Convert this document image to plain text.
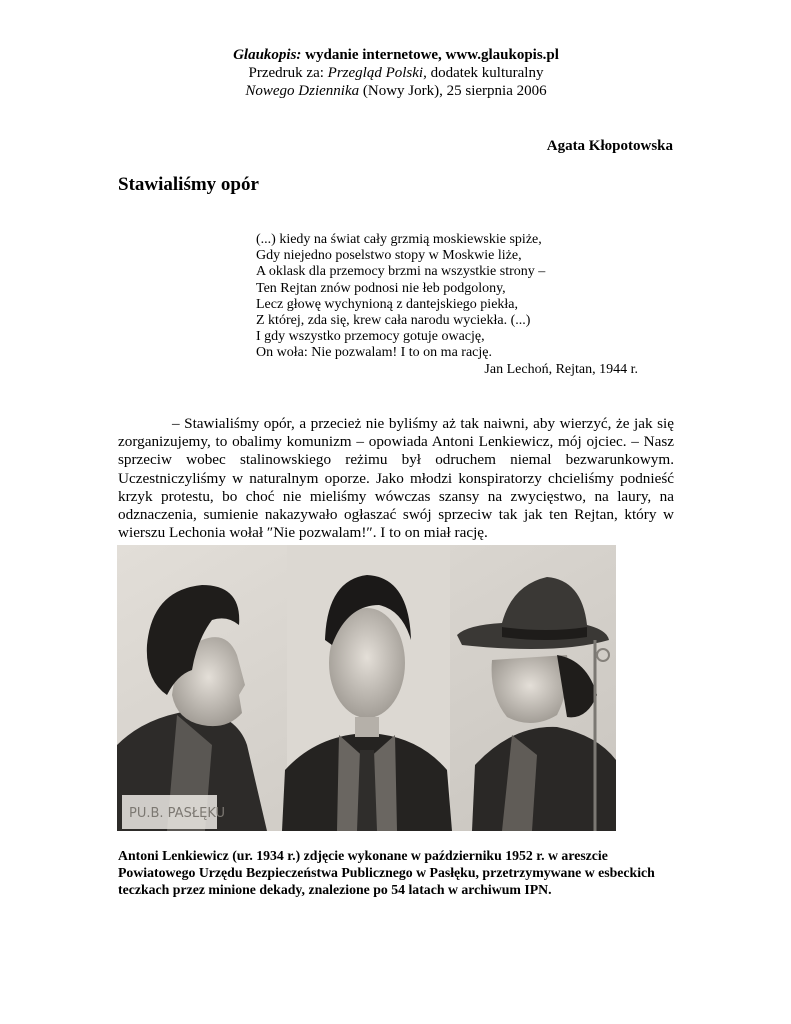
Glaukopis: wydanie internetowe, www.glaukopis.pl
Przedruk za: Przegląd Polski, dodatek kulturalny
Nowego Dziennika (Nowy Jork), 25 sierpnia 2006
Agata Kłopotowska
Stawialiśmy opór
(...) kiedy na świat cały grzmią moskiewskie spiże,
Gdy niejedno poselstwo stopy w Moskwie liże,
A oklask dla przemocy brzmi na wszystkie strony –
Ten Rejtan znów podnosi nie łeb podgolony,
Lecz głowę wychynioną z dantejskiego piekła,
Z której, zda się, krew cała narodu wyciekła. (...)
I gdy wszystko przemocy gotuje owację,
On woła: Nie pozwalam! I to on ma rację.
Jan Lechoń, Rejtan, 1944 r.

– Stawialiśmy opór, a przecież nie byliśmy aż tak naiwni, aby wierzyć, że jak się zorganizujemy, to obalimy komunizm – opowiada Antoni Lenkiewicz, mój ojciec. – Nasz sprzeciw wobec stalinowskiego reżimu był odruchem niemal bezwarunkowym. Uczestniczyliśmy w naturalnym oporze. Jako młodzi konspiratorzy chcieliśmy podnieść krzyk protestu, bo choć nie mieliśmy wówczas szansy na zwycięstwo, na laury, na odznaczenia, sumienie nakazywało ogłaszać swój sprzeciw tak jak ten Rejtan, który w wierszu Lechonia wołał ″Nie pozwalam!″. I to on miał rację.

PU.B. PASŁĘKU
Antoni Lenkiewicz (ur. 1934 r.) zdjęcie wykonane w październiku 1952 r. w areszcie Powiatowego Urzędu Bezpieczeństwa Publicznego w Pasłęku, przetrzymywane w esbeckich teczkach przez minione dekady, znalezione po 54 latach w archiwum IPN.
